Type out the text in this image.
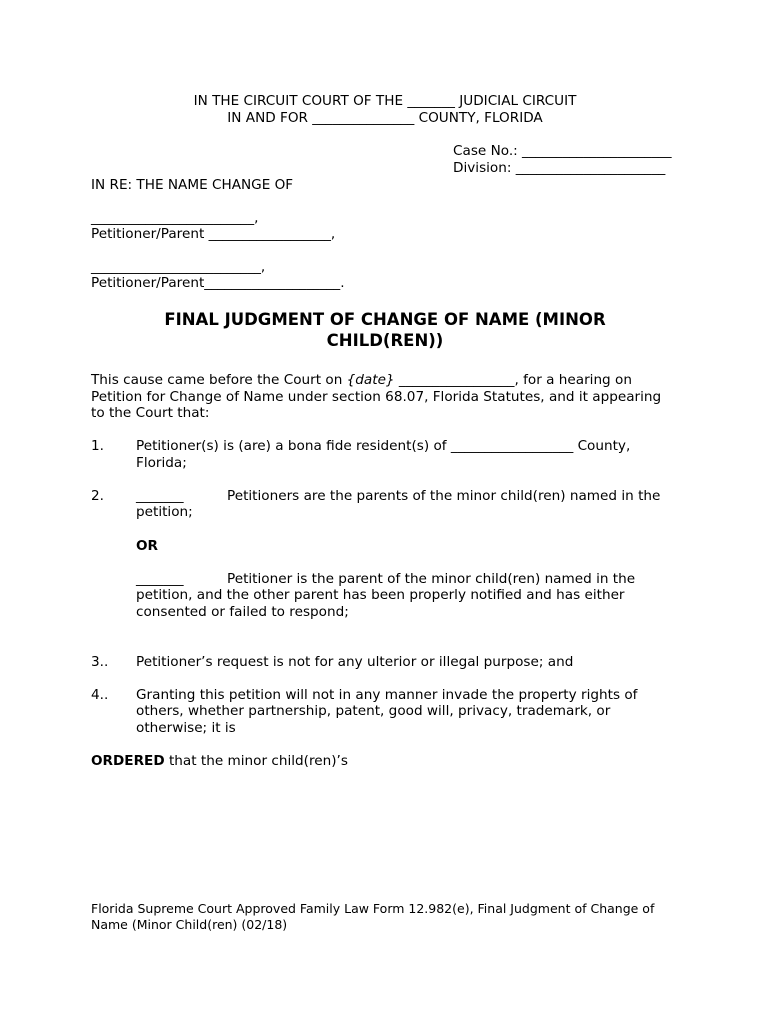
IN THE CIRCUIT COURT OF THE _______ JUDICIAL CIRCUIT
IN AND FOR _______________ COUNTY, FLORIDA
Case No.: ______________________
Division: ______________________
IN RE: THE NAME CHANGE OF
________________________,
Petitioner/Parent __________________,
_________________________,
Petitioner/Parent____________________.
FINAL JUDGMENT OF CHANGE OF NAME (MINOR
CHILD(REN))
This cause came before the Court on {date} _________________, for a hearing on
Petition for Change of Name under section 68.07, Florida Statutes, and it appearing
to the Court that:
1. Petitioner(s) is (are) a bona fide resident(s) of __________________ County,
Florida;
2. _______	Petitioners are the parents of the minor child(ren) named in the
petition;
OR
_______	Petitioner is the parent of the minor child(ren) named in the
petition, and the other parent has been properly notified and has either
consented or failed to respond;
3.. Petitioner’s request is not for any ulterior or illegal purpose; and
4.. Granting this petition will not in any manner invade the property rights of
others, whether partnership, patent, good will, privacy, trademark, or
otherwise; it is
ORDERED that the minor child(ren)’s
Florida Supreme Court Approved Family Law Form 12.982(e), Final Judgment of Change of
Name (Minor Child(ren) (02/18)
